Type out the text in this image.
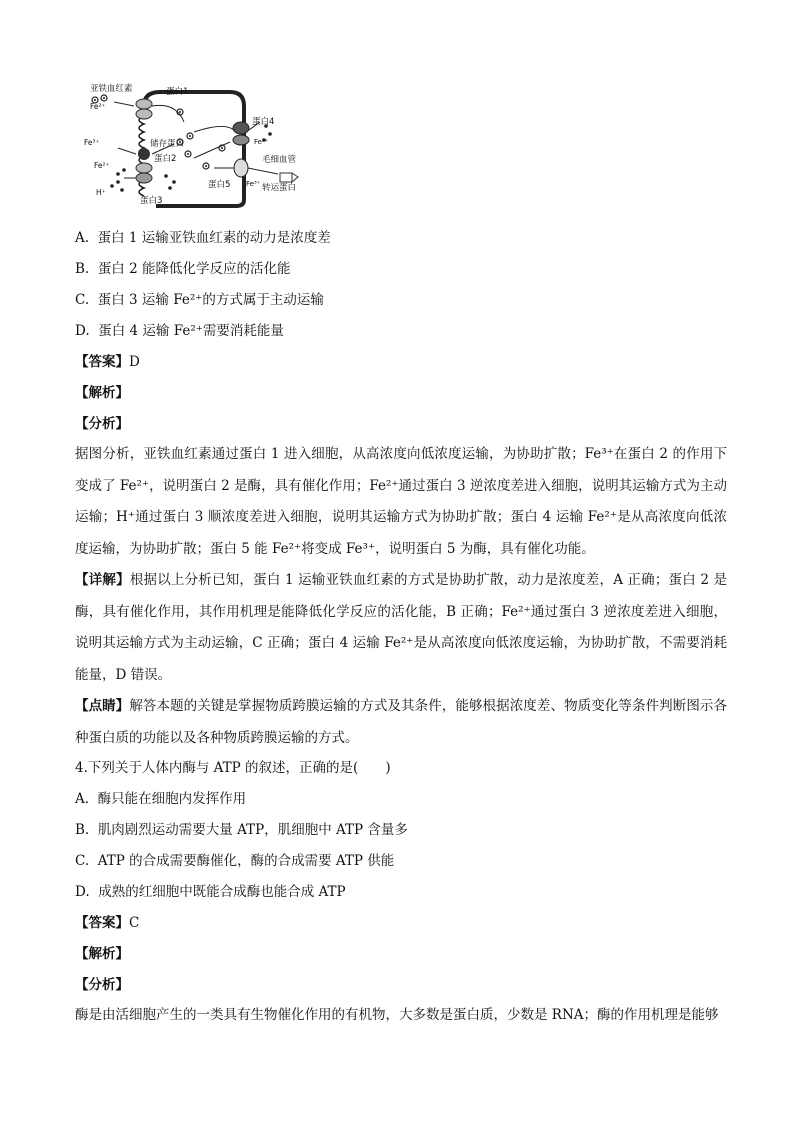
亚铁血红素	蛋白1
Fe²⁺
Fe³⁺	储存蛋白
蛋白2
Fe²⁺
H⁺
蛋白3
蛋白4
Fe²⁺
毛细血管
蛋白5 Fe³⁺ 转运蛋白
A. 蛋白 1 运输亚铁血红素的动力是浓度差
B. 蛋白 2 能降低化学反应的活化能
C. 蛋白 3 运输 Fe²⁺的方式属于主动运输
D. 蛋白 4 运输 Fe²⁺需要消耗能量
【答案】D
【解析】
【分析】

据图分析，亚铁血红素通过蛋白 1 进入细胞，从高浓度向低浓度运输，为协助扩散；Fe³⁺在蛋白 2 的作用下变成了 Fe²⁺，说明蛋白 2 是酶，具有催化作用；Fe²⁺通过蛋白 3 逆浓度差进入细胞，说明其运输方式为主动运输；H⁺通过蛋白 3 顺浓度差进入细胞，说明其运输方式为协助扩散；蛋白 4 运输 Fe²⁺是从高浓度向低浓度运输，为协助扩散；蛋白 5 能 Fe²⁺将变成 Fe³⁺，说明蛋白 5 为酶，具有催化功能。

【详解】根据以上分析已知，蛋白 1 运输亚铁血红素的方式是协助扩散，动力是浓度差，A 正确；蛋白 2 是酶，具有催化作用，其作用机理是能降低化学反应的活化能，B 正确；Fe²⁺通过蛋白 3 逆浓度差进入细胞，说明其运输方式为主动运输，C 正确；蛋白 4 运输 Fe²⁺是从高浓度向低浓度运输，为协助扩散，不需要消耗能量，D 错误。

【点睛】解答本题的关键是掌握物质跨膜运输的方式及其条件，能够根据浓度差、物质变化等条件判断图示各种蛋白质的功能以及各种物质跨膜运输的方式。

4.下列关于人体内酶与 ATP 的叙述，正确的是(　　)
A. 酶只能在细胞内发挥作用
B. 肌肉剧烈运动需要大量 ATP，肌细胞中 ATP 含量多
C. ATP 的合成需要酶催化，酶的合成需要 ATP 供能
D. 成熟的红细胞中既能合成酶也能合成 ATP
【答案】C
【解析】
【分析】

酶是由活细胞产生的一类具有生物催化作用的有机物，大多数是蛋白质，少数是 RNA；酶的作用机理是能够
